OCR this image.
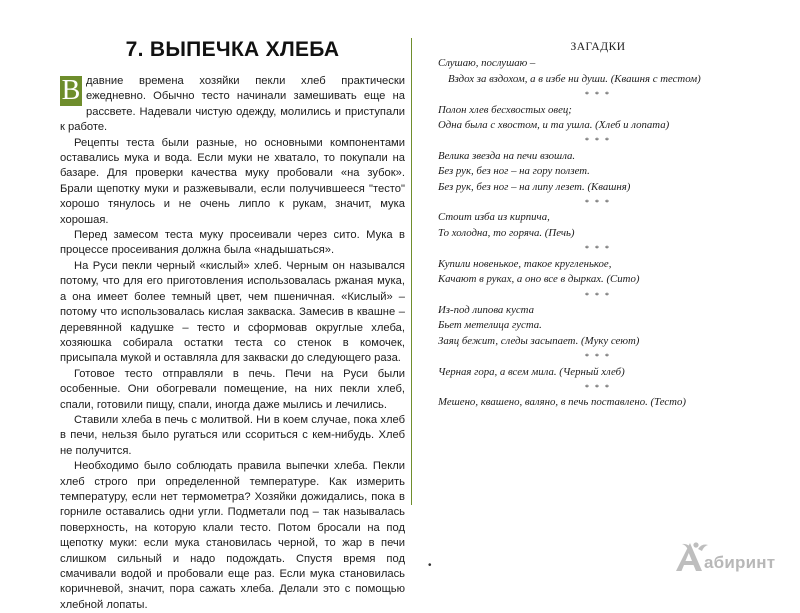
7. ВЫПЕЧКА ХЛЕБА

В давние времена хозяйки пекли хлеб практически ежедневно. Обычно тесто начинали замешивать еще на рассвете. Надевали чистую одежду, молились и приступали к работе.

Рецепты теста были разные, но основными компонентами оставались мука и вода. Если муки не хватало, то покупали на базаре. Для проверки качества муку пробовали «на зубок». Брали щепотку муки и разжевывали, если получившееся "тесто" хорошо тянулось и не очень липло к рукам, значит, мука хорошая.

Перед замесом теста муку просеивали через сито. Мука в процессе просеивания должна была «надышаться».

На Руси пекли черный «кислый» хлеб. Черным он назывался потому, что для его приготовления использовалась ржаная мука, а она имеет более темный цвет, чем пшеничная. «Кислый» – потому что использовалась кислая закваска. Замесив в квашне – деревянной кадушке – тесто и сформовав округлые хлеба, хозяюшка собирала остатки теста со стенок в комочек, присыпала мукой и оставляла для закваски до следующего раза.

Готовое тесто отправляли в печь. Печи на Руси были особенные. Они обогревали помещение, на них пекли хлеб, спали, готовили пищу, спали, иногда даже мылись и лечились.

Ставили хлеба в печь с молитвой. Ни в коем случае, пока хлеб в печи, нельзя было ругаться или ссориться с кем-нибудь. Хлеб не получится.

Необходимо было соблюдать правила выпечки хлеба. Пекли хлеб строго при определенной температуре. Как измерить температуру, если нет термометра? Хозяйки дожидались, пока в горниле оставались одни угли. Подметали под – так называлась поверхность, на которую клали тесто. Потом бросали на под щепотку муки: если мука становилась черной, то жар в печи слишком сильный и надо подождать. Спустя время под смачивали водой и пробовали еще раз. Если мука становилась коричневой, значит, пора сажать хлеба. Делали это с помощью хлебной лопаты.

ЗАГАДКИ
Слушаю, послушаю –
Вздох за вздохом, а в избе ни души. (Квашня с тестом)
* * *
Полон хлев бесхвостых овец;
Одна была с хвостом, и та ушла. (Хлеб и лопата)
* * *
Велика звезда на печи взошла.
Без рук, без ног – на гору ползет.
Без рук, без ног – на липу лезет. (Квашня)
* * *
Стоит изба из кирпича,
То холодна, то горяча. (Печь)
* * *
Купили новенькое, такое кругленькое,
Качают в руках, а оно все в дырках. (Сито)
* * *
Из-под липова куста
Бьет метелица густа.
Заяц бежит, следы засыпает. (Муку сеют)
* * *
Черная гора, а всем мила. (Черный хлеб)
* * *
Мешено, квашено, валяно, в печь поставлено. (Тесто)
•	абиринт
